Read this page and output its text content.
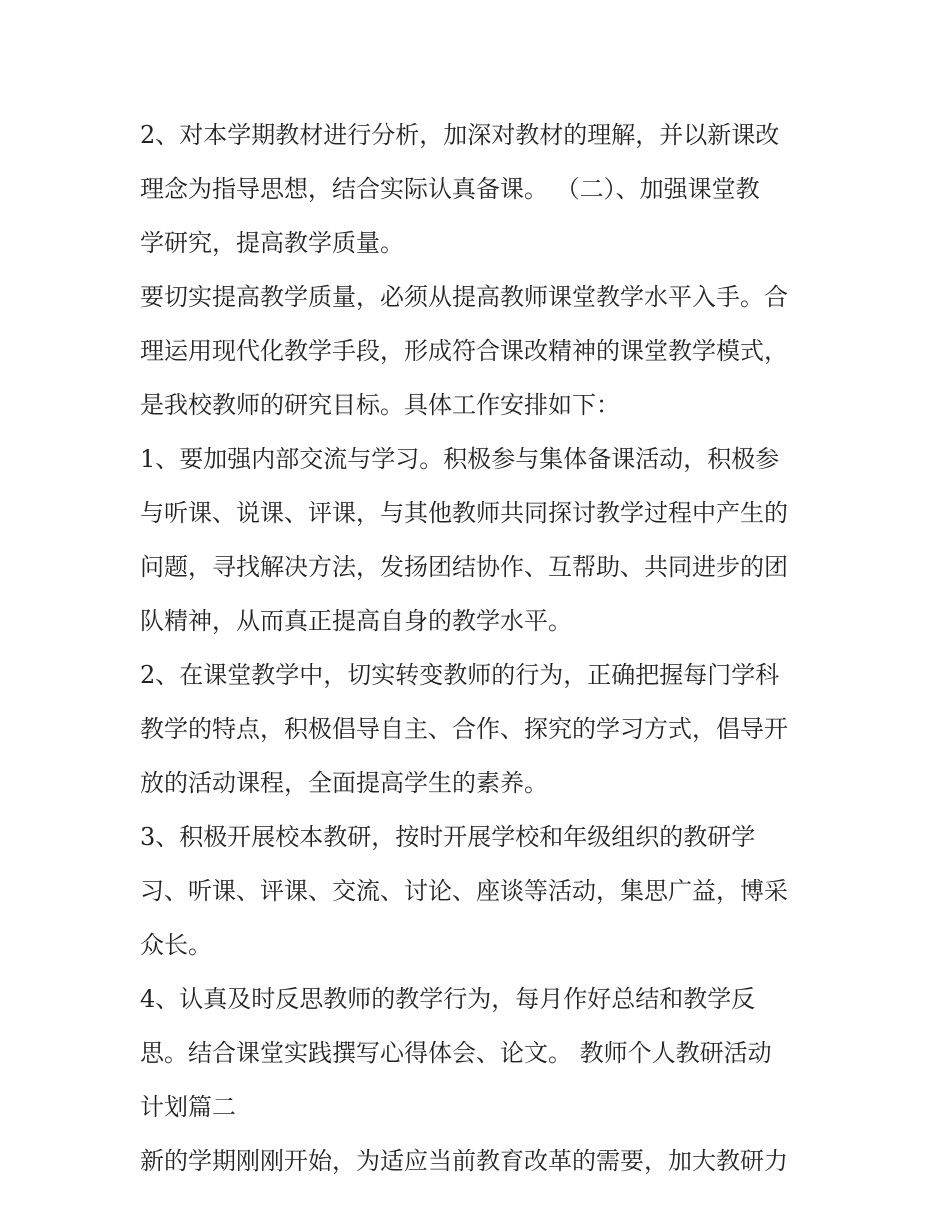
2、对本学期教材进行分析，加深对教材的理解，并以新课改
理念为指导思想，结合实际认真备课。 （二）、加强课堂教
学研究，提高教学质量。
要切实提高教学质量，必须从提高教师课堂教学水平入手。合
理运用现代化教学手段，形成符合课改精神的课堂教学模式，
是我校教师的研究目标。具体工作安排如下：
1、要加强内部交流与学习。积极参与集体备课活动，积极参
与听课、说课、评课，与其他教师共同探讨教学过程中产生的
问题，寻找解决方法，发扬团结协作、互帮助、共同进步的团
队精神，从而真正提高自身的教学水平。
2、在课堂教学中，切实转变教师的行为，正确把握每门学科
教学的特点，积极倡导自主、合作、探究的学习方式，倡导开
放的活动课程，全面提高学生的素养。
3、积极开展校本教研，按时开展学校和年级组织的教研学
习、听课、评课、交流、讨论、座谈等活动，集思广益，博采
众长。
4、认真及时反思教师的教学行为，每月作好总结和教学反
思。结合课堂实践撰写心得体会、论文。 教师个人教研活动
计划篇二
新的学期刚刚开始，为适应当前教育改革的需要，加大教研力
